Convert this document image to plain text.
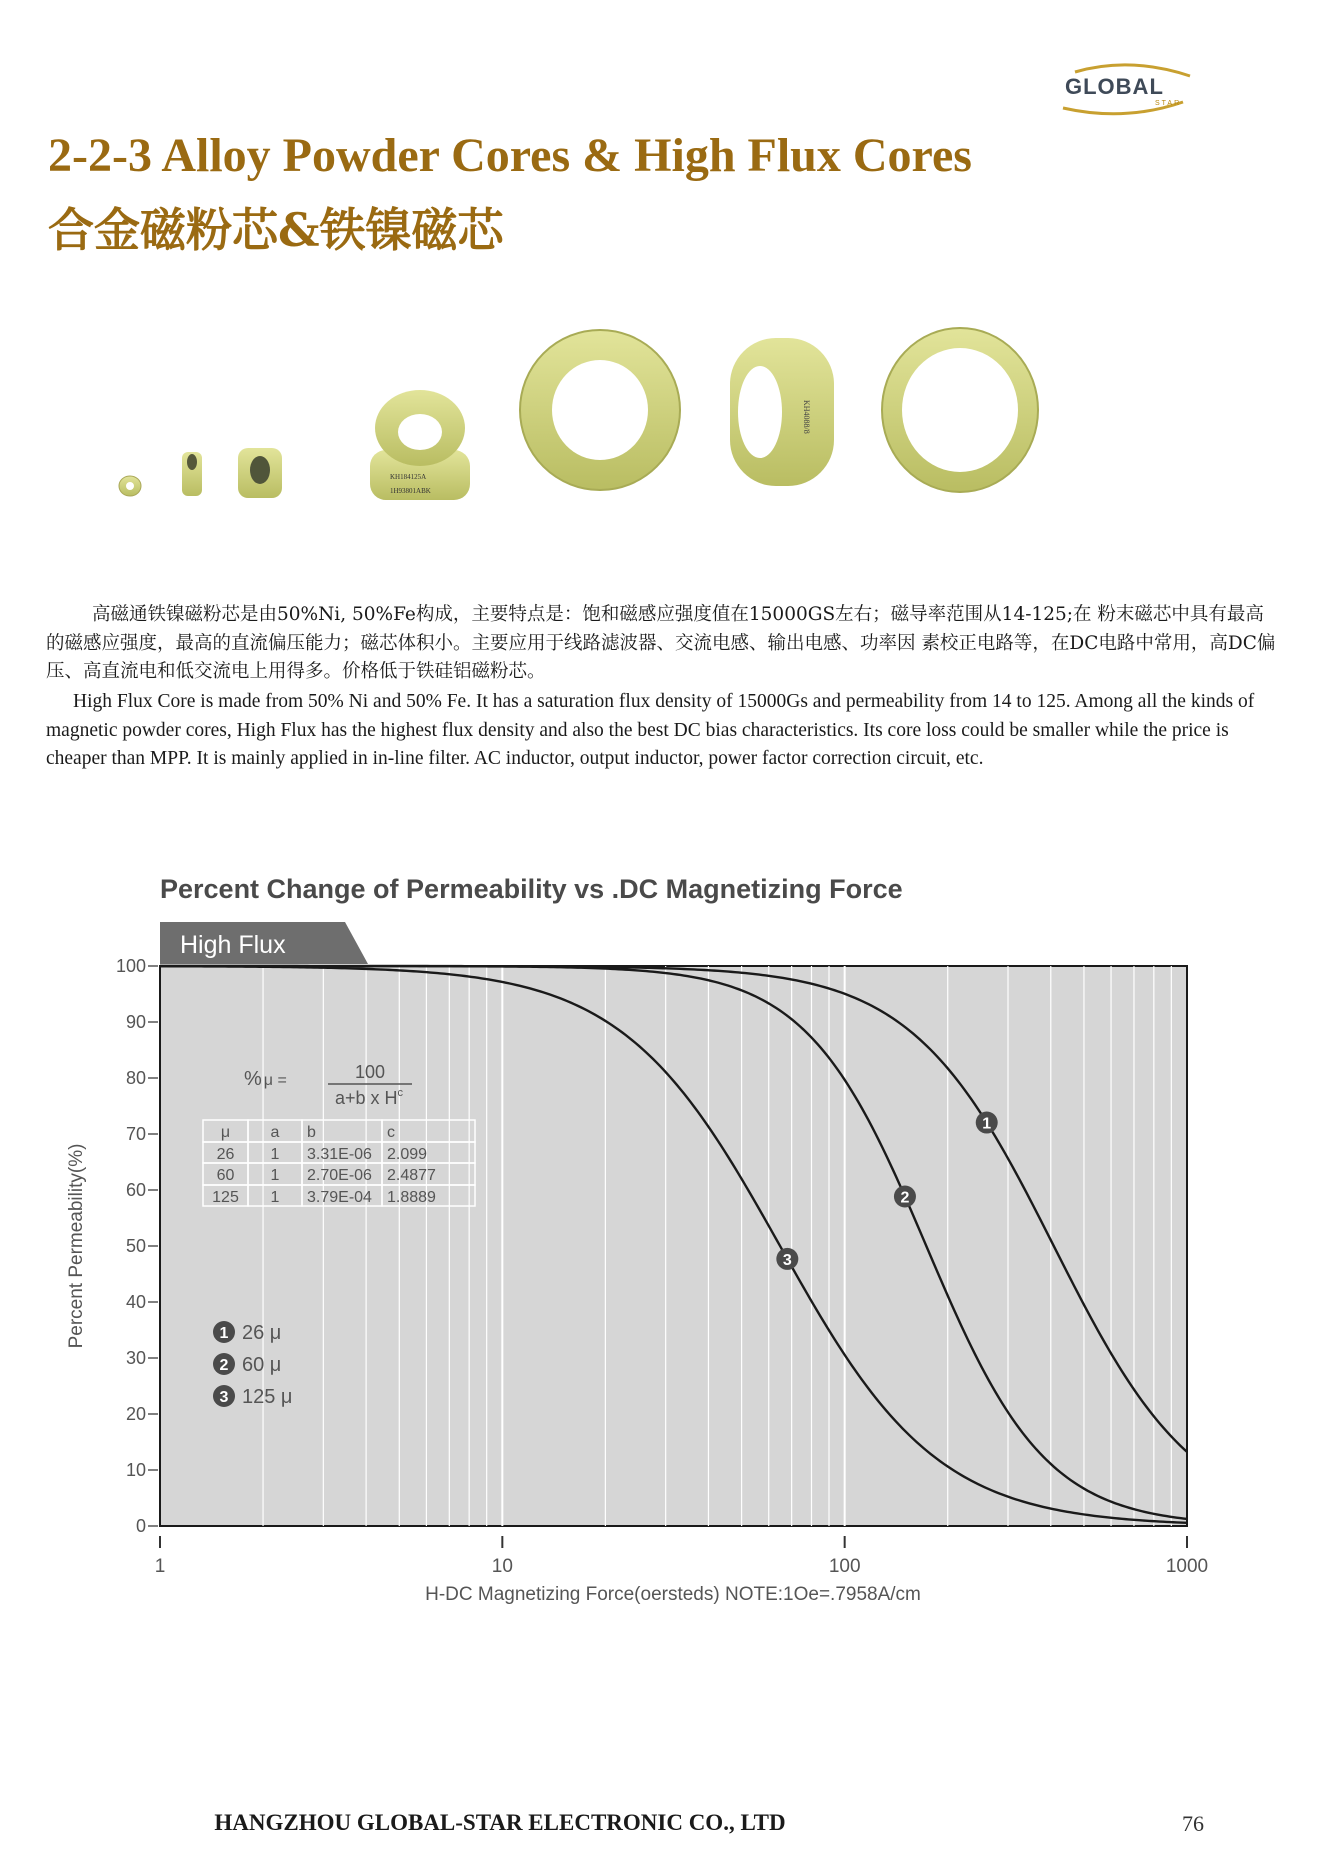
GLOBAL
STAR
2-2-3 Alloy Powder Cores & High Flux Cores
合金磁粉芯&铁镍磁芯
KH184125A
1H93801ABK
KH4088/8

高磁通铁镍磁粉芯是由50%Ni, 50%Fe构成，主要特点是：饱和磁感应强度值在15000GS左右；磁导率范围从14-125;在 粉末磁芯中具有最高的磁感应强度，最高的直流偏压能力；磁芯体积小。主要应用于线路滤波器、交流电感、输出电感、功率因 素校正电路等，在DC电路中常用，高DC偏压、高直流电和低交流电上用得多。价格低于铁硅铝磁粉芯。

High Flux Core is made from 50% Ni and 50% Fe. It has a saturation flux density of 15000Gs and permeability from 14 to 125. Among all the kinds of magnetic powder cores, High Flux has the highest flux density and also the best DC bias characteristics. Its core loss could be smaller while the price is cheaper than MPP. It is mainly applied in in-line filter. AC inductor, output inductor, power factor correction circuit, etc.

Percent Change of Permeability vs .DC Magnetizing Force
High Flux
0
10
20
30
40
50
60
70
80
90
100
1	10	100	1000
Percent Permeability(%)
H-DC Magnetizing Force(oersteds) NOTE:1Oe=.7958A/cm
% μ =	100
a+b x $H^c$
μ	a b	c
26 1 3.31E-06 2.099
60 1 2.70E-06 2.4877
125 1 3.79E-04 1.8889
1
2
3
1 26 μ
2 60 μ
3 125 μ
HANGZHOU GLOBAL-STAR ELECTRONIC CO., LTD	76
